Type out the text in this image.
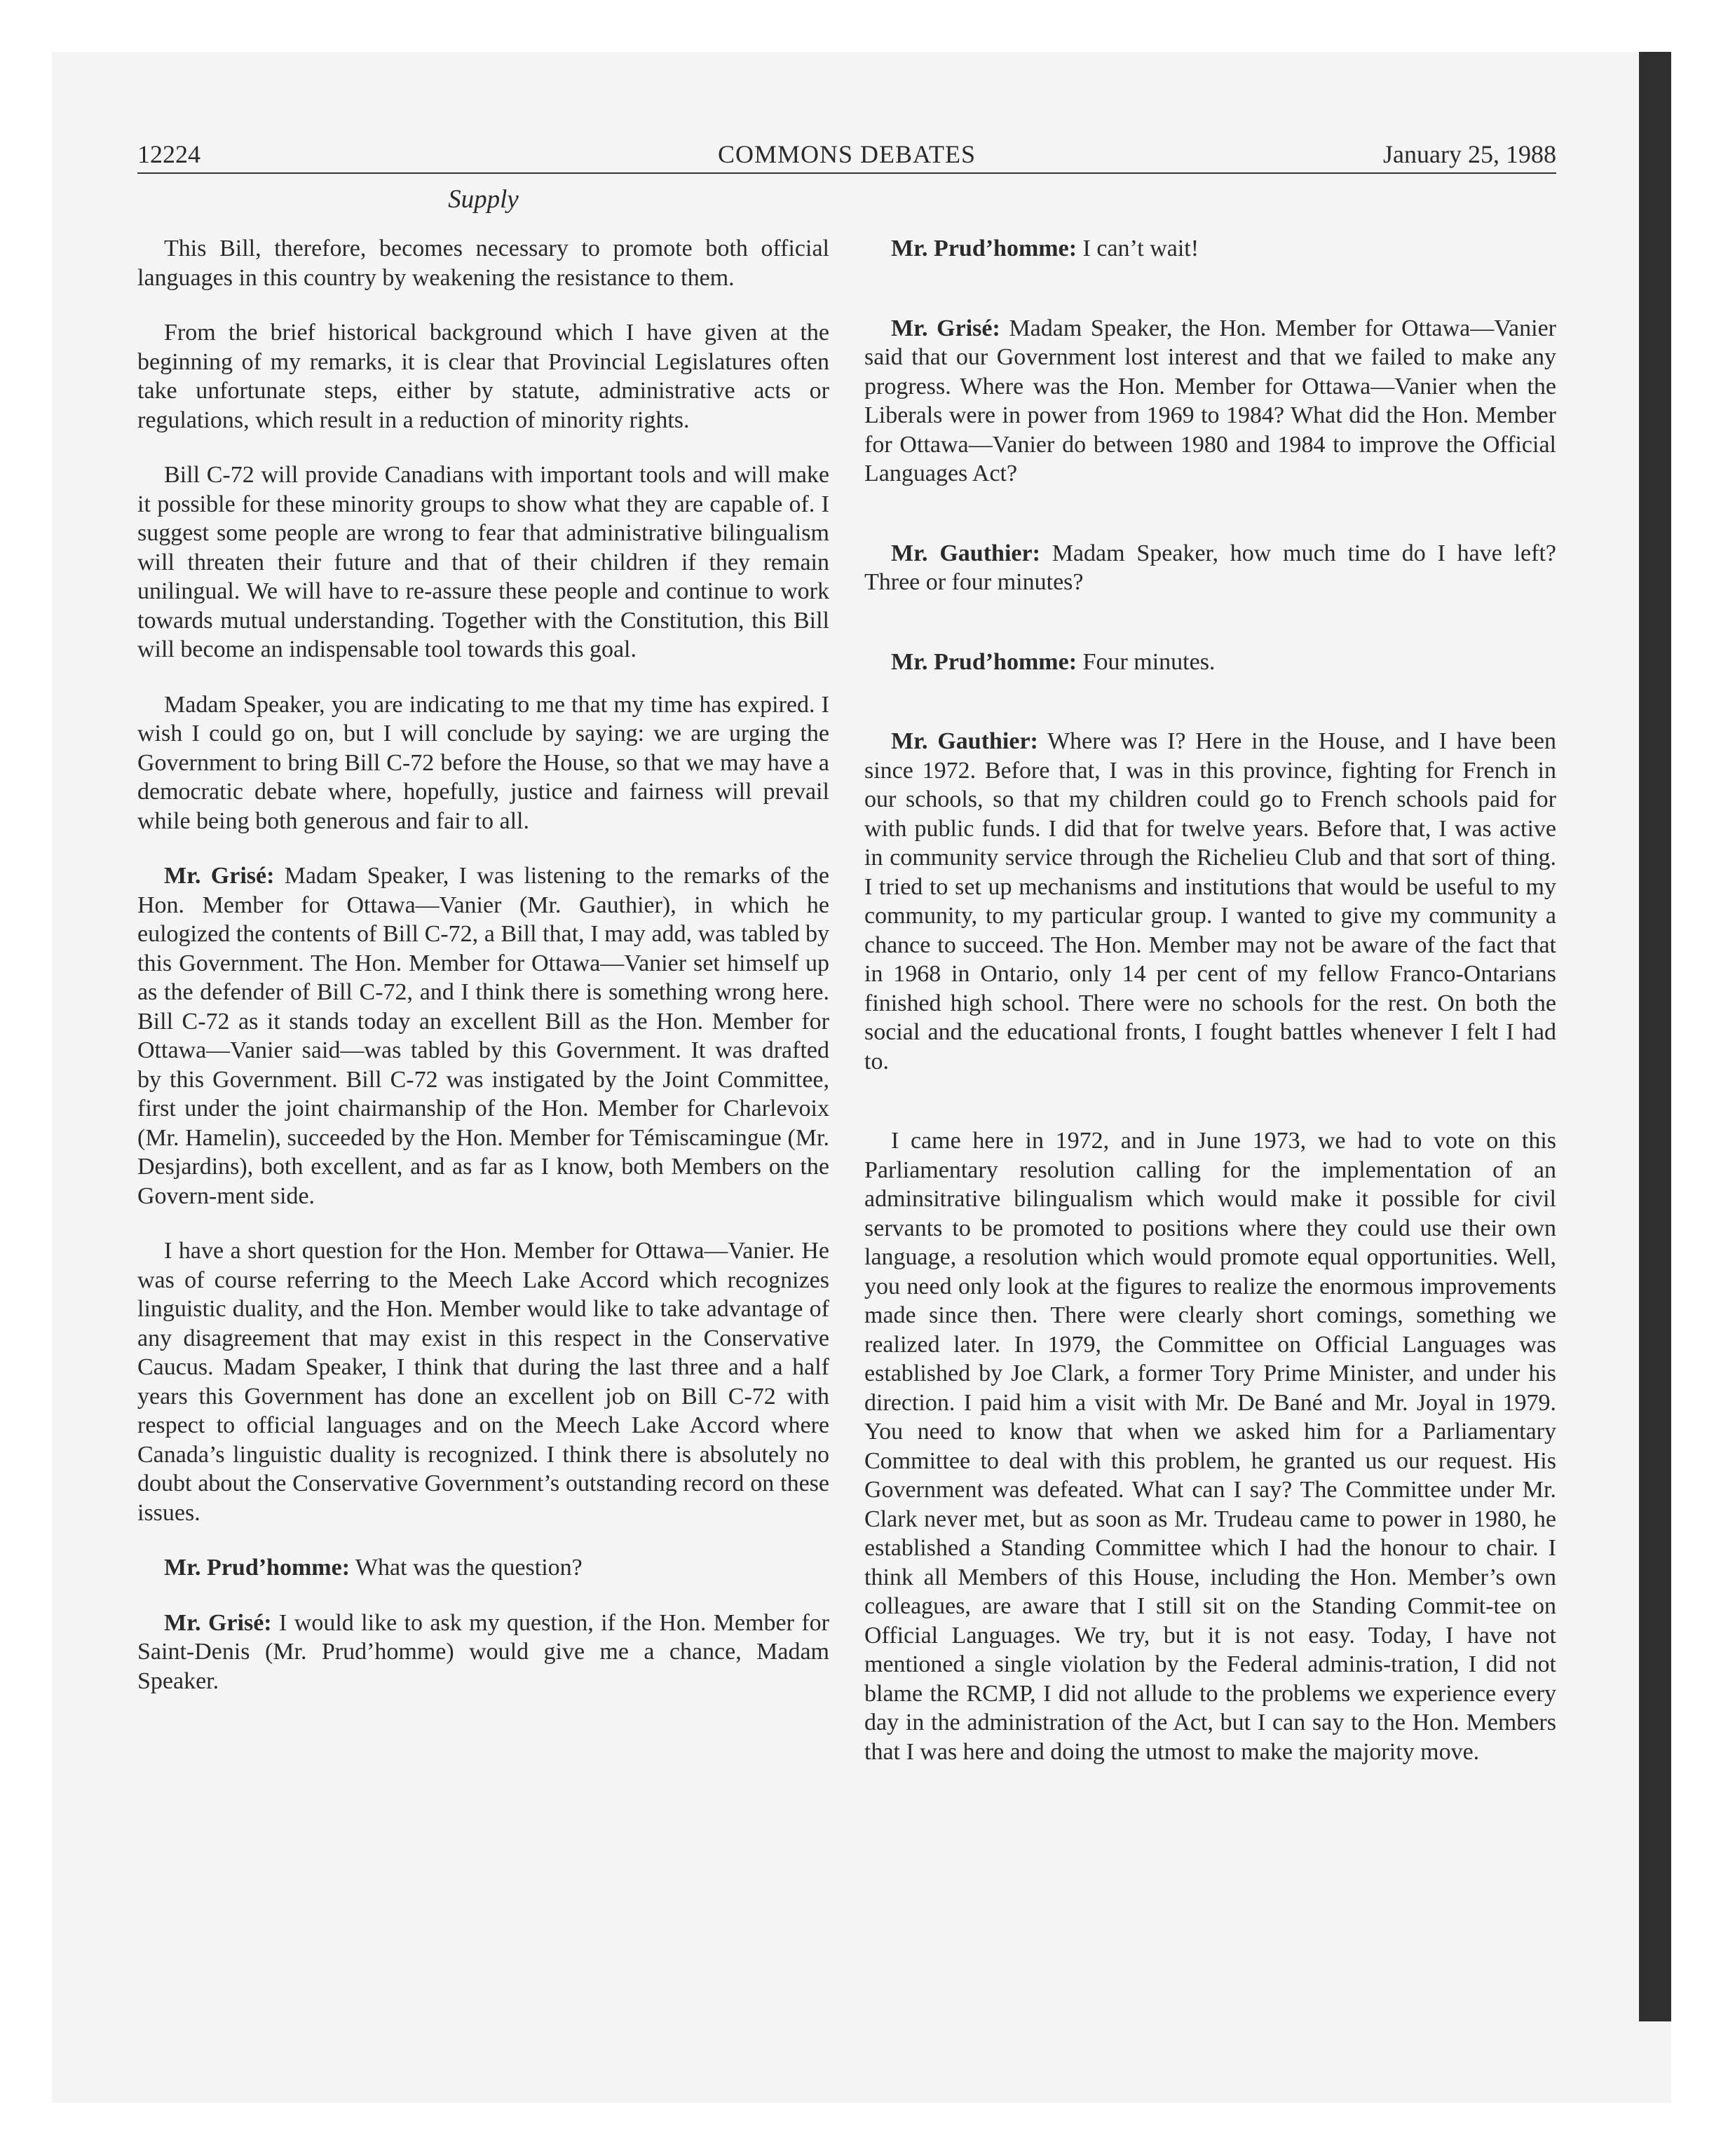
12224	COMMONS DEBATES	January 25, 1988
Supply

This Bill, therefore, becomes necessary to promote both official languages in this country by weakening the resistance to them.

From the brief historical background which I have given at the beginning of my remarks, it is clear that Provincial Legislatures often take unfortunate steps, either by statute, administrative acts or regulations, which result in a reduction of minority rights.

Bill C-72 will provide Canadians with important tools and will make it possible for these minority groups to show what they are capable of. I suggest some people are wrong to fear that administrative bilingualism will threaten their future and that of their children if they remain unilingual. We will have to re-assure these people and continue to work towards mutual understanding. Together with the Constitution, this Bill will become an indispensable tool towards this goal.

Madam Speaker, you are indicating to me that my time has expired. I wish I could go on, but I will conclude by saying: we are urging the Government to bring Bill C-72 before the House, so that we may have a democratic debate where, hopefully, justice and fairness will prevail while being both generous and fair to all.

Mr. Grisé: Madam Speaker, I was listening to the remarks of the Hon. Member for Ottawa—Vanier (Mr. Gauthier), in which he eulogized the contents of Bill C-72, a Bill that, I may add, was tabled by this Government. The Hon. Member for Ottawa—Vanier set himself up as the defender of Bill C-72, and I think there is something wrong here. Bill C-72 as it stands today an excellent Bill as the Hon. Member for Ottawa—Vanier said—was tabled by this Government. It was drafted by this Government. Bill C-72 was instigated by the Joint Committee, first under the joint chairmanship of the Hon. Member for Charlevoix (Mr. Hamelin), succeeded by the Hon. Member for Témiscamingue (Mr. Desjardins), both excellent, and as far as I know, both Members on the Govern-ment side.

I have a short question for the Hon. Member for Ottawa—Vanier. He was of course referring to the Meech Lake Accord which recognizes linguistic duality, and the Hon. Member would like to take advantage of any disagreement that may exist in this respect in the Conservative Caucus. Madam Speaker, I think that during the last three and a half years this Government has done an excellent job on Bill C-72 with respect to official languages and on the Meech Lake Accord where Canada’s linguistic duality is recognized. I think there is absolutely no doubt about the Conservative Government’s outstanding record on these issues.

Mr. Prud’homme: What was the question?

Mr. Grisé: I would like to ask my question, if the Hon. Member for Saint-Denis (Mr. Prud’homme) would give me a chance, Madam Speaker.

Mr. Prud’homme: I can’t wait!

Mr. Grisé: Madam Speaker, the Hon. Member for Ottawa—Vanier said that our Government lost interest and that we failed to make any progress. Where was the Hon. Member for Ottawa—Vanier when the Liberals were in power from 1969 to 1984? What did the Hon. Member for Ottawa—Vanier do between 1980 and 1984 to improve the Official Languages Act?

Mr. Gauthier: Madam Speaker, how much time do I have left? Three or four minutes?

Mr. Prud’homme: Four minutes.

Mr. Gauthier: Where was I? Here in the House, and I have been since 1972. Before that, I was in this province, fighting for French in our schools, so that my children could go to French schools paid for with public funds. I did that for twelve years. Before that, I was active in community service through the Richelieu Club and that sort of thing. I tried to set up mechanisms and institutions that would be useful to my community, to my particular group. I wanted to give my community a chance to succeed. The Hon. Member may not be aware of the fact that in 1968 in Ontario, only 14 per cent of my fellow Franco-Ontarians finished high school. There were no schools for the rest. On both the social and the educational fronts, I fought battles whenever I felt I had to.

I came here in 1972, and in June 1973, we had to vote on this Parliamentary resolution calling for the implementation of an adminsitrative bilingualism which would make it possible for civil servants to be promoted to positions where they could use their own language, a resolution which would promote equal opportunities. Well, you need only look at the figures to realize the enormous improvements made since then. There were clearly short comings, something we realized later. In 1979, the Committee on Official Languages was established by Joe Clark, a former Tory Prime Minister, and under his direction. I paid him a visit with Mr. De Bané and Mr. Joyal in 1979. You need to know that when we asked him for a Parliamentary Committee to deal with this problem, he granted us our request. His Government was defeated. What can I say? The Committee under Mr. Clark never met, but as soon as Mr. Trudeau came to power in 1980, he established a Standing Committee which I had the honour to chair. I think all Members of this House, including the Hon. Member’s own colleagues, are aware that I still sit on the Standing Commit-tee on Official Languages. We try, but it is not easy. Today, I have not mentioned a single violation by the Federal adminis-tration, I did not blame the RCMP, I did not allude to the problems we experience every day in the administration of the Act, but I can say to the Hon. Members that I was here and doing the utmost to make the majority move.
